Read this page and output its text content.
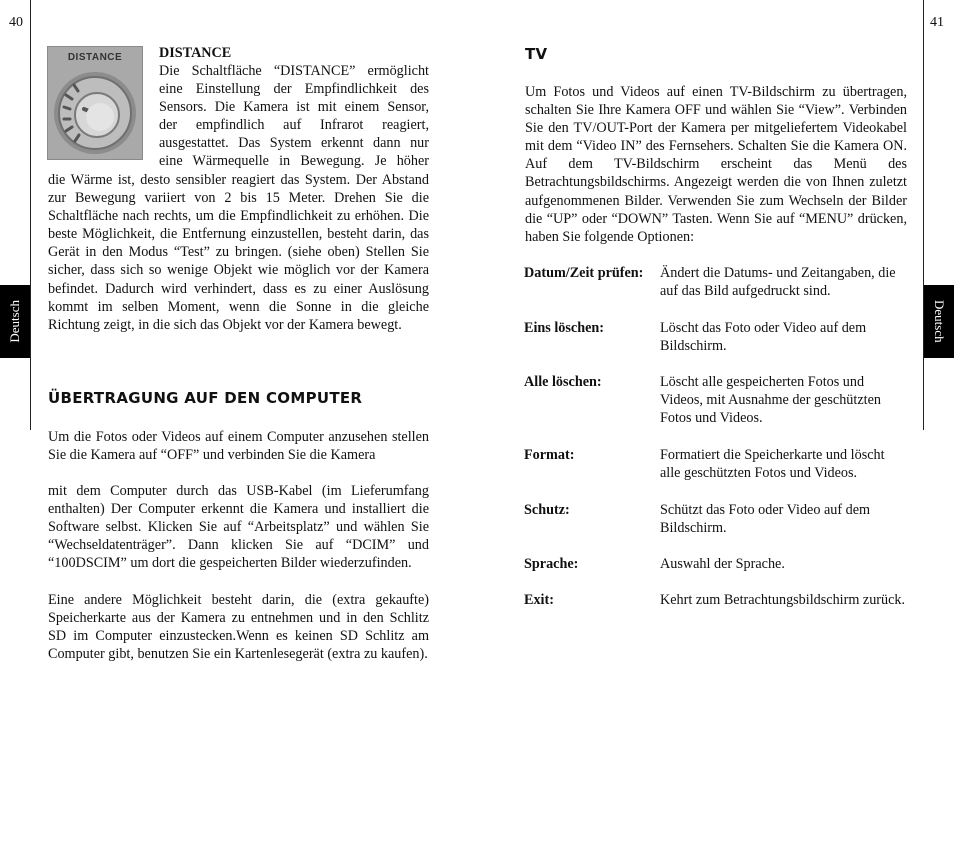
40
Deutsch
DISTANCE	DISTANCE

Die Schaltfläche “DISTANCE” ermöglicht

eine Einstellung der Empfindlichkeit des

Sensors. Die Kamera ist mit einem Sensor,

der empfindlich auf Infrarot reagiert,

ausgestattet. Das System erkennt dann nur

eine Wärmequelle in Bewegung. Je höher

die Wärme ist, desto sensibler reagiert das System. Der Abstand zur Bewegung variiert von 2 bis 15 Meter. Drehen Sie die Schaltfläche nach rechts, um die Empfindlichkeit zu erhöhen. Die beste Möglichkeit, die Entfernung einzustellen, besteht darin, das Gerät in den Modus “Test” zu bringen. (siehe oben) Stellen Sie sicher, dass sich so wenige Objekt wie möglich vor der Kamera befindet. Dadurch wird verhindert, dass es zu einer Auslösung kommt im selben Moment, wenn die Sonne in die gleiche Richtung zeigt, in die sich das Objekt vor der Kamera bewegt.

ÜBERTRAGUNG AUF DEN COMPUTER

Um die Fotos oder Videos auf einem Computer anzusehen stellen Sie die Kamera auf “OFF” und verbinden Sie die Kamera

mit dem Computer durch das USB-Kabel (im Lieferumfang enthalten) Der Computer erkennt die Kamera und installiert die Software selbst. Klicken Sie auf “Arbeitsplatz” und wählen Sie “Wechseldatenträger”. Dann klicken Sie auf “DCIM” und “100DSCIM” um dort die gespeicherten Bilder wiederzufinden.

Eine andere Möglichkeit besteht darin, die (extra gekaufte) Speicherkarte aus der Kamera zu entnehmen und in den Schlitz SD im Computer einzustecken.Wenn es keinen SD Schlitz am Computer gibt, benutzen Sie ein Kartenlesegerät (extra zu kaufen).

41
Deutsch
TV

Um Fotos und Videos auf einen TV-Bildschirm zu übertragen, schalten Sie Ihre Kamera OFF und wählen Sie “View”. Verbinden Sie den TV/OUT-Port der Kamera per mitgeliefertem Videokabel mit dem “Video IN” des Fernsehers. Schalten Sie die Kamera ON. Auf dem TV-Bildschirm erscheint das Menü des Betrachtungsbildschirms. Angezeigt werden die von Ihnen zuletzt aufgenommenen Bilder. Verwenden Sie zum Wechseln der Bilder die “UP” oder “DOWN” Tasten. Wenn Sie auf “MENU” drücken, haben Sie folgende Optionen:

Datum/Zeit prüfen: Ändert die Datums- und Zeitangaben, die auf das Bild aufgedruckt sind.
Eins löschen:	Löscht das Foto oder Video auf dem Bildschirm.
Alle löschen:	Löscht alle gespeicherten Fotos und Videos, mit Ausnahme der geschützten Fotos und Videos.
Format:	Formatiert die Speicherkarte und löscht alle geschützten Fotos und Videos.
Schutz:	Schützt das Foto oder Video auf dem Bildschirm.
Sprache:	Auswahl der Sprache.
Exit:	Kehrt zum Betrachtungsbildschirm zurück.
